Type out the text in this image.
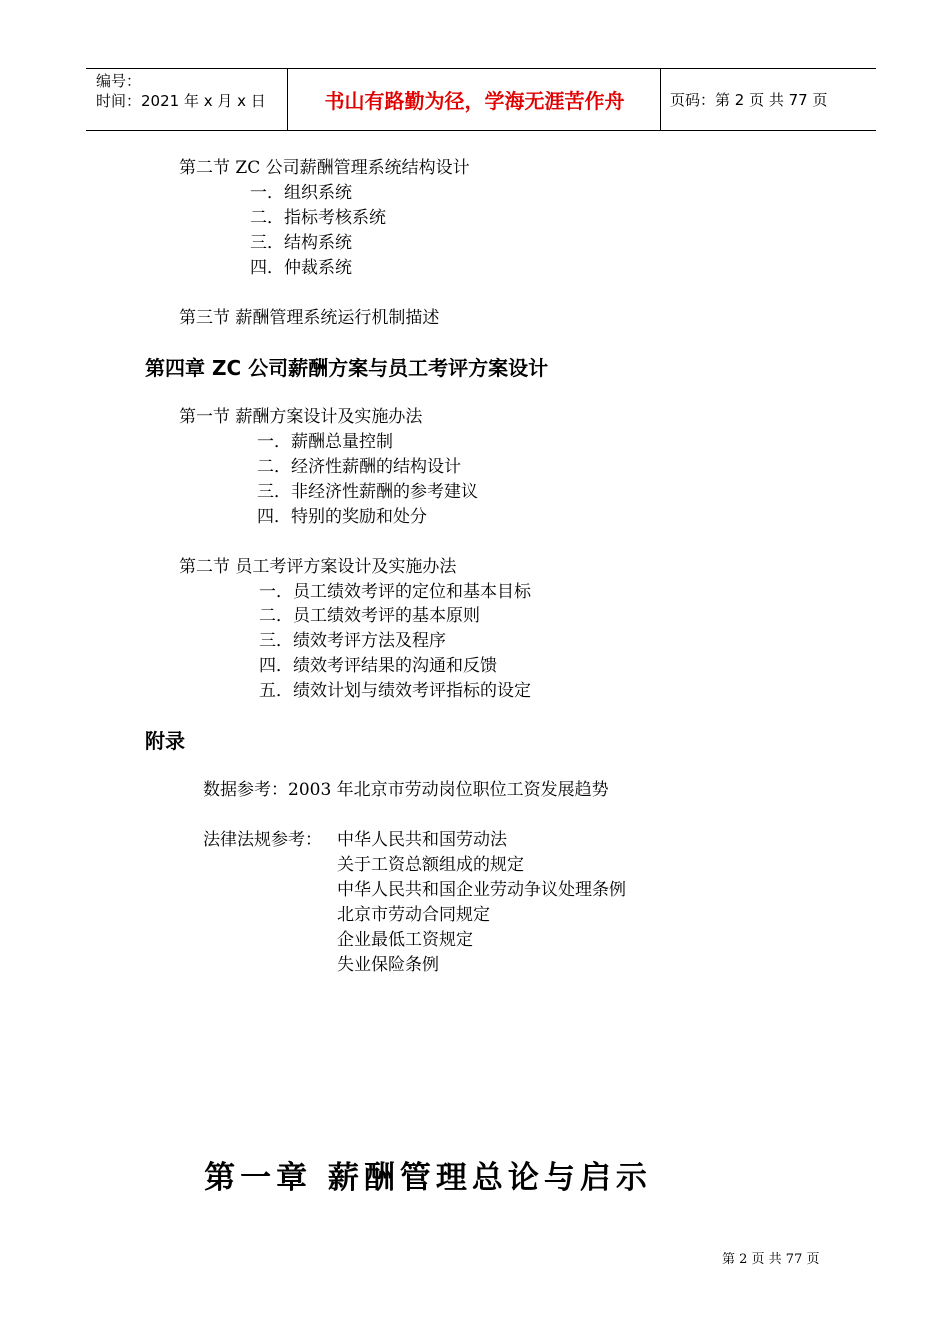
编号：
时间：2021 年 x 月 x 日	书山有路勤为径，学海无涯苦作舟	页码：第 2 页 共 77 页
第二节 ZC 公司薪酬管理系统结构设计
一．组织系统
二．指标考核系统
三．结构系统
四．仲裁系统
第三节 薪酬管理系统运行机制描述
第四章 ZC 公司薪酬方案与员工考评方案设计
第一节 薪酬方案设计及实施办法
一．薪酬总量控制
二．经济性薪酬的结构设计
三．非经济性薪酬的参考建议
四．特别的奖励和处分
第二节 员工考评方案设计及实施办法
一．员工绩效考评的定位和基本目标
二．员工绩效考评的基本原则
三．绩效考评方法及程序
四．绩效考评结果的沟通和反馈
五．绩效计划与绩效考评指标的设定
附录
数据参考：2003 年北京市劳动岗位职位工资发展趋势
法律法规参考： 中华人民共和国劳动法
关于工资总额组成的规定
中华人民共和国企业劳动争议处理条例
北京市劳动合同规定
企业最低工资规定
失业保险条例
第一章 薪酬管理总论与启示
第 2 页 共 77 页
